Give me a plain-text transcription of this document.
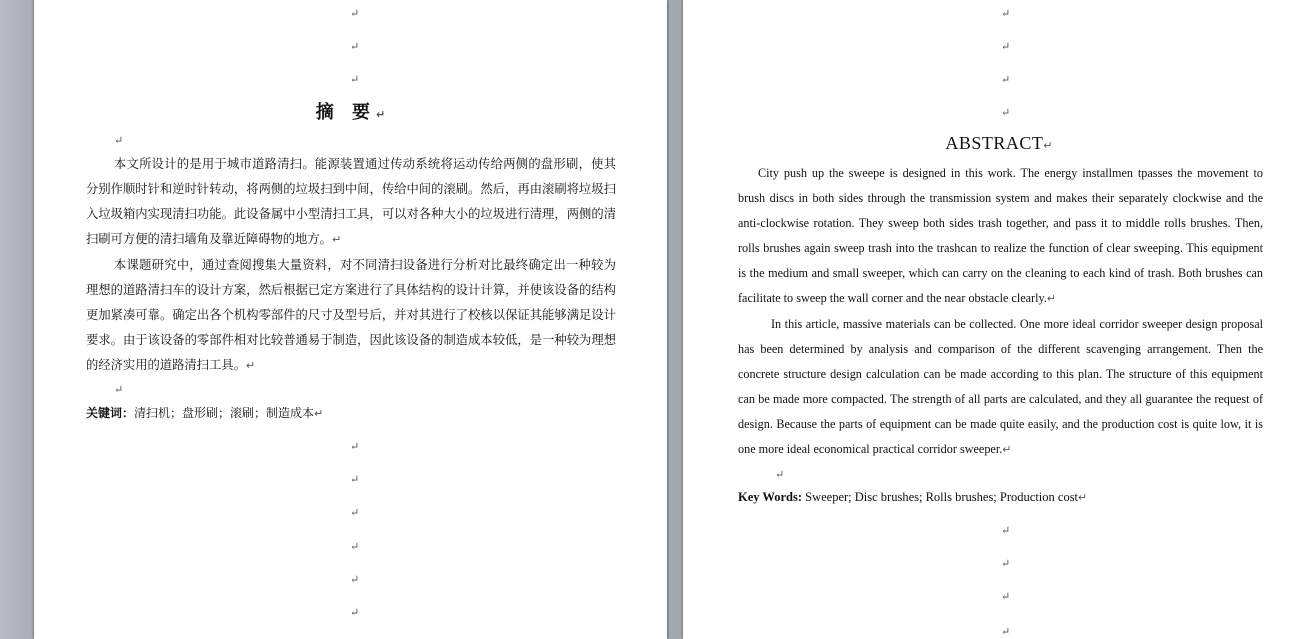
↵
↵
↵
摘 要↵
↵

本文所设计的是用于城市道路清扫。能源装置通过传动系统将运动传给两侧的盘形刷，使其分别作顺时针和逆时针转动，将两侧的垃圾扫到中间，传给中间的滚刷。然后，再由滚刷将垃圾扫入垃圾箱内实现清扫功能。此设备属中小型清扫工具，可以对各种大小的垃圾进行清理，两侧的清扫刷可方便的清扫墙角及靠近障碍物的地方。↵

本课题研究中，通过查阅搜集大量资料，对不同清扫设备进行分析对比最终确定出一种较为理想的道路清扫车的设计方案，然后根据已定方案进行了具体结构的设计计算，并使该设备的结构更加紧凑可靠。确定出各个机构零部件的尺寸及型号后，并对其进行了校核以保证其能够满足设计要求。由于该设备的零部件相对比较普通易于制造，因此该设备的制造成本较低，是一种较为理想的经济实用的道路清扫工具。↵

↵
关键词：清扫机；盘形刷；滚刷；制造成本↵
↵
↵
↵
↵
↵
↵
↵
↵
↵
↵
ABSTRACT↵

City push up the sweepe is designed in this work. The energy installmen tpasses the movement to brush discs in both sides through the transmission system and makes their separately clockwise and the anti-clockwise rotation. They sweep both sides trash together, and pass it to middle rolls brushes. Then, rolls brushes again sweep trash into the trashcan to realize the function of clear sweeping. This equipment is the medium and small sweeper, which can carry on the cleaning to each kind of trash. Both brushes can facilitate to sweep the wall corner and the near obstacle clearly.↵

In this article, massive materials can be collected. One more ideal corridor sweeper design proposal has been determined by analysis and comparison of the different scavenging arrangement. Then the concrete structure design calculation can be made according to this plan. The structure of this equipment can be made more compacted. The strength of all parts are calculated, and they all guarantee the request of design. Because the parts of equipment can be made quite easily, and the production cost is quite low, it is one more ideal economical practical corridor sweeper.↵

↵
Key Words: Sweeper; Disc brushes; Rolls brushes; Production cost↵
↵
↵
↵
↵
